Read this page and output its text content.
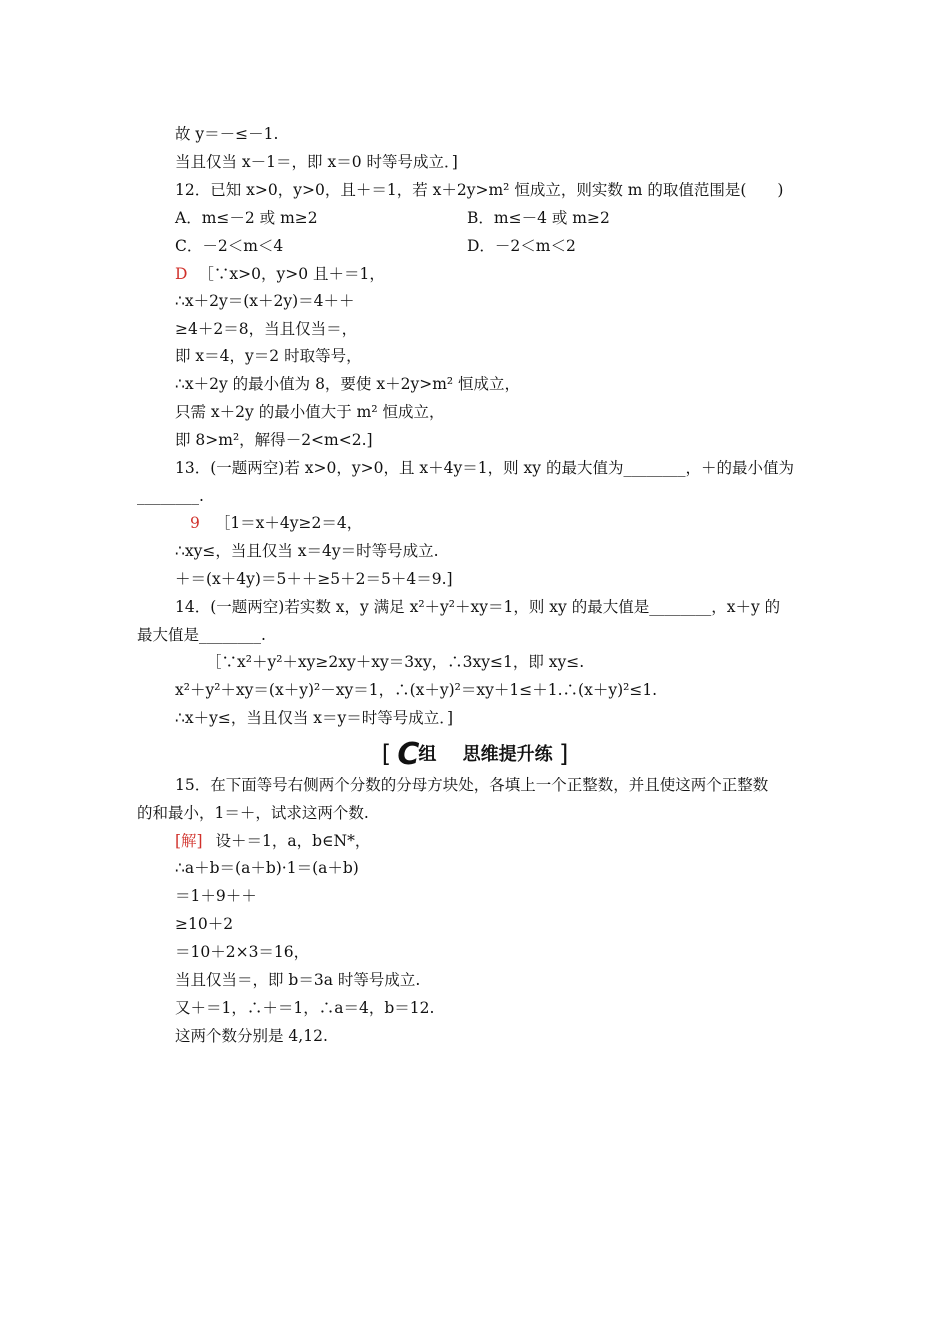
故 y＝－≤－1.
当且仅当 x－1＝，即 x＝0 时等号成立．]
12．已知 x>0，y>0，且＋＝1，若 x＋2y>m² 恒成立，则实数 m 的取值范围是(　　)
A．m≤－2 或 m≥2	B．m≤－4 或 m≥2
C．－2＜m＜4	D．－2＜m＜2
D ［∵x>0，y>0 且＋＝1，
∴x＋2y＝(x＋2y)＝4＋＋
≥4＋2＝8，当且仅当＝，
即 x＝4，y＝2 时取等号，
∴x＋2y 的最小值为 8，要使 x＋2y>m² 恒成立，
只需 x＋2y 的最小值大于 m² 恒成立，
即 8>m²，解得－2<m<2.]
13．(一题两空)若 x>0，y>0，且 x＋4y＝1，则 xy 的最大值为________，＋的最小值为
________.
9 ［1＝x＋4y≥2＝4，
∴xy≤，当且仅当 x＝4y＝时等号成立.
＋＝(x＋4y)＝5＋＋≥5＋2＝5＋4＝9.]
14．(一题两空)若实数 x，y 满足 x²＋y²＋xy＝1，则 xy 的最大值是________，x＋y 的
最大值是________.
［∵x²＋y²＋xy≥2xy＋xy＝3xy，∴3xy≤1，即 xy≤.
x²＋y²＋xy＝(x＋y)²－xy＝1，∴(x＋y)²＝xy＋1≤＋1.∴(x＋y)²≤1.
∴x＋y≤，当且仅当 x＝y＝时等号成立．]
[ C组 思维提升练 ]
15．在下面等号右侧两个分数的分母方块处，各填上一个正整数，并且使这两个正整数
的和最小，1＝＋，试求这两个数.
[解] 设＋＝1，a，b∈N*，
∴a＋b＝(a＋b)·1＝(a＋b)
＝1＋9＋＋
≥10＋2
＝10＋2×3＝16，
当且仅当＝，即 b＝3a 时等号成立.
又＋＝1，∴＋＝1，∴a＝4，b＝12.
这两个数分别是 4,12.
